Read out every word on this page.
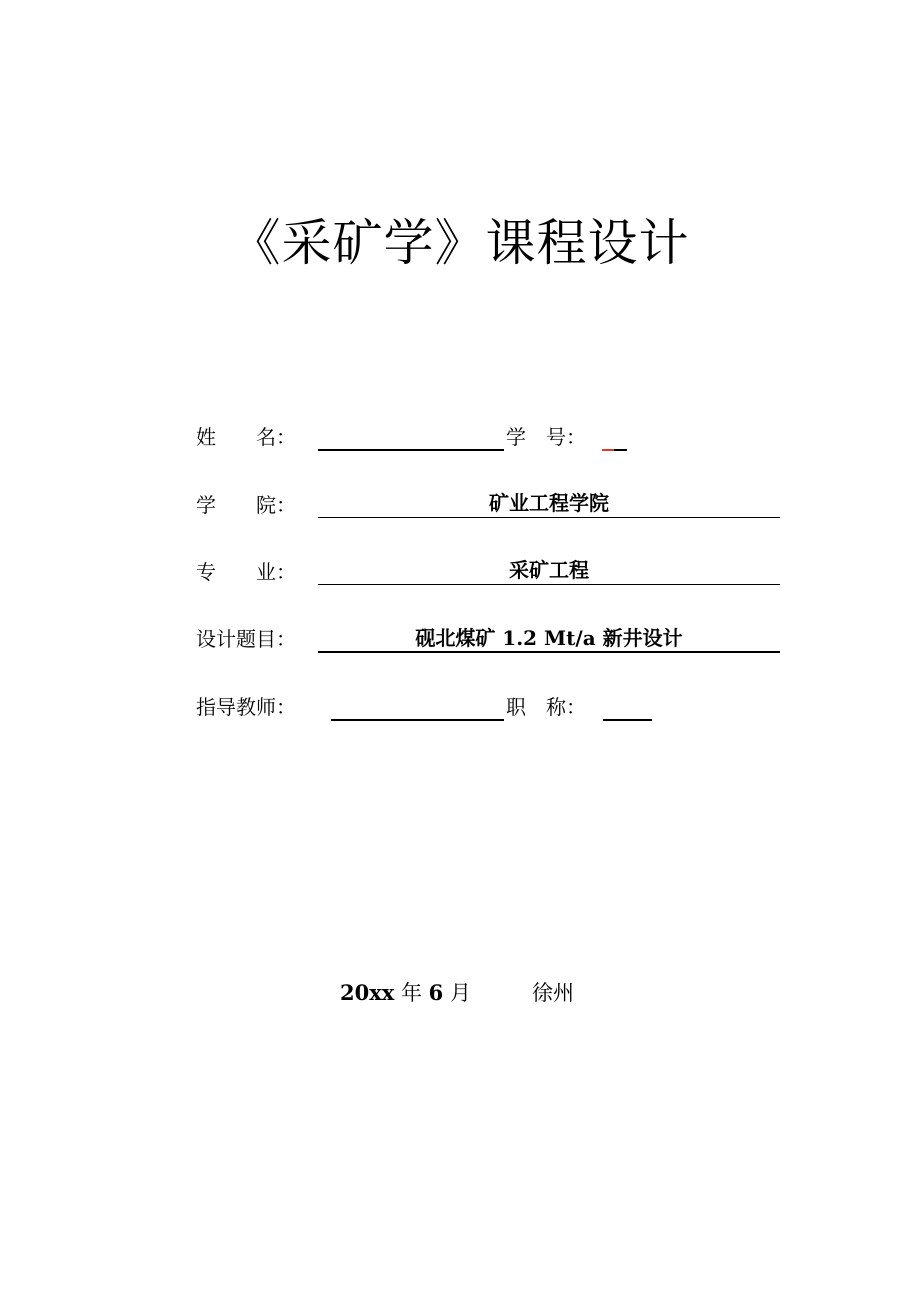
《采矿学》课程设计
姓　　名：	学　号：
学　　院：	矿业工程学院
专　　业：	采矿工程
设计题目：	砚北煤矿 1.2 Mt/a 新井设计
指导教师：	职　称：
20xx 年 6 月	徐州
